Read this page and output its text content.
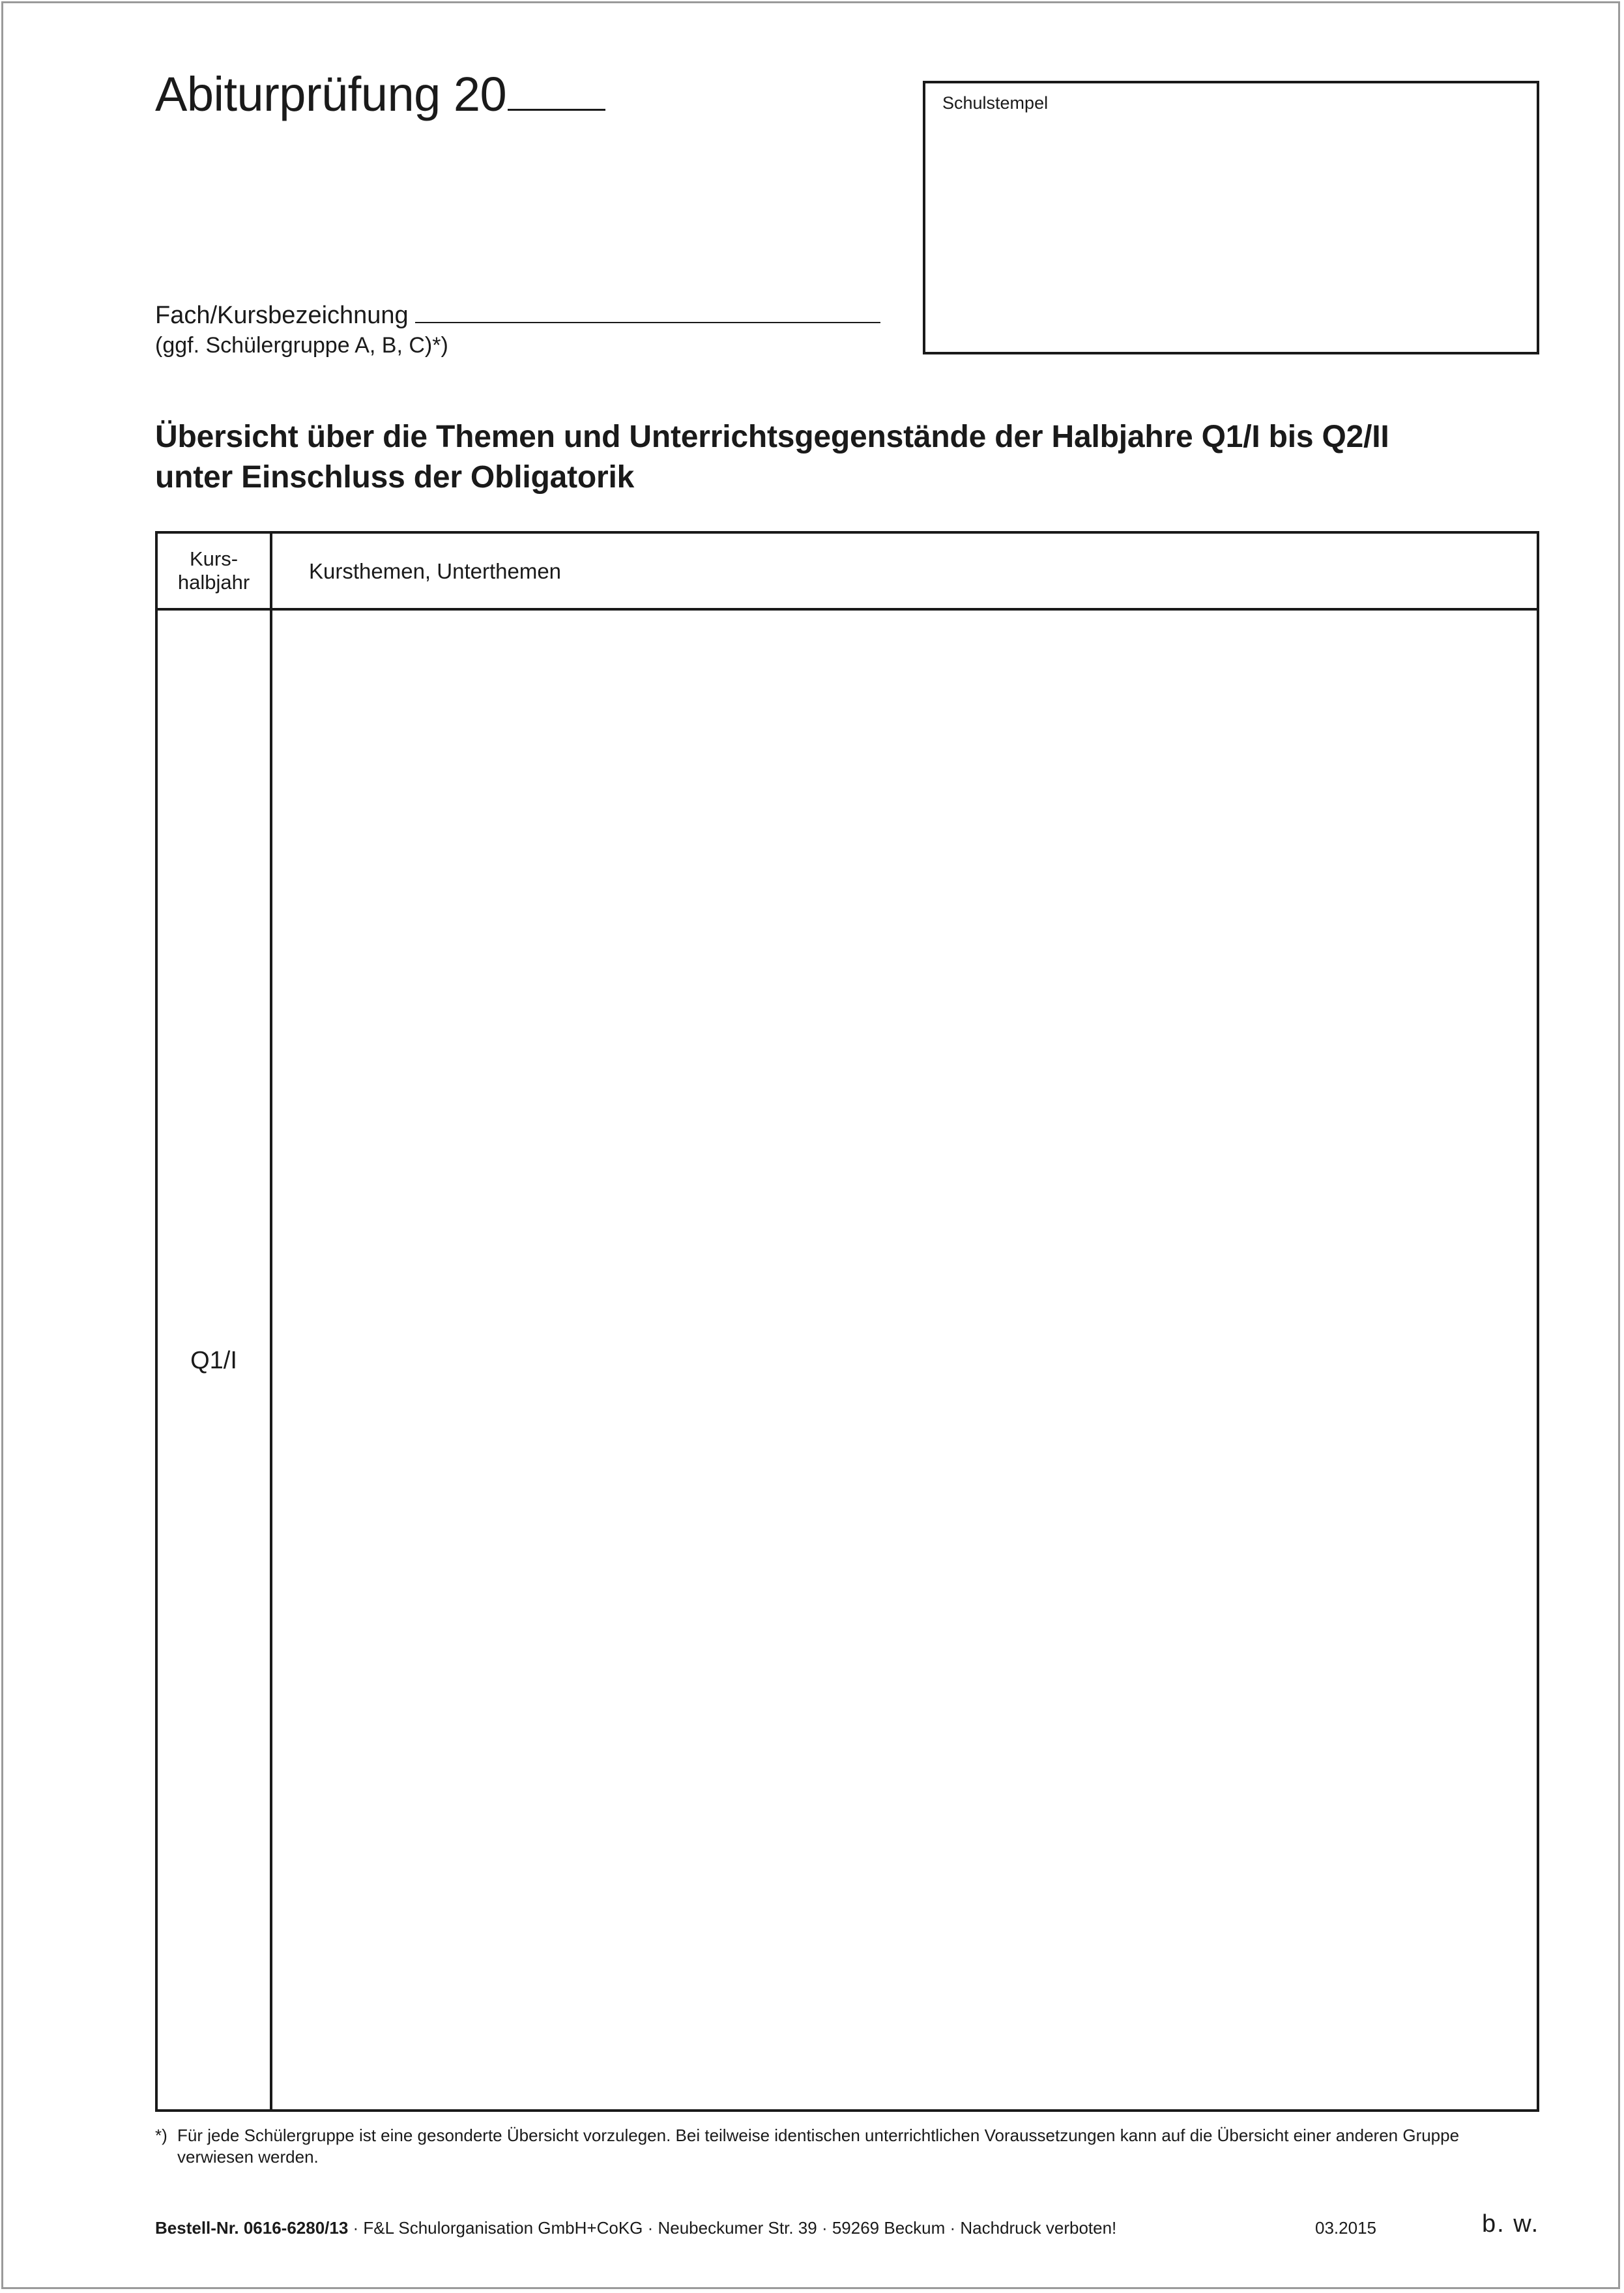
Abiturprüfung 20	Schulstempel
Fach/Kursbezeichnung
(ggf. Schülergruppe A, B, C)*)
Übersicht über die Themen und Unterrichtsgegenstände der Halbjahre Q1/I bis Q2/II
unter Einschluss der Obligatorik
Kurs-
halbjahr	Kursthemen, Unterthemen
Q1/I
*) Für jede Schülergruppe ist eine gesonderte Übersicht vorzulegen. Bei teilweise identischen unterrichtlichen Voraussetzungen kann auf die Übersicht einer anderen Gruppe verwiesen werden.
Bestell-Nr. 0616-6280/13 · F&L Schulorganisation GmbH+CoKG · Neubeckumer Str. 39 · 59269 Beckum · Nachdruck verboten!	03.2015	b. w.
